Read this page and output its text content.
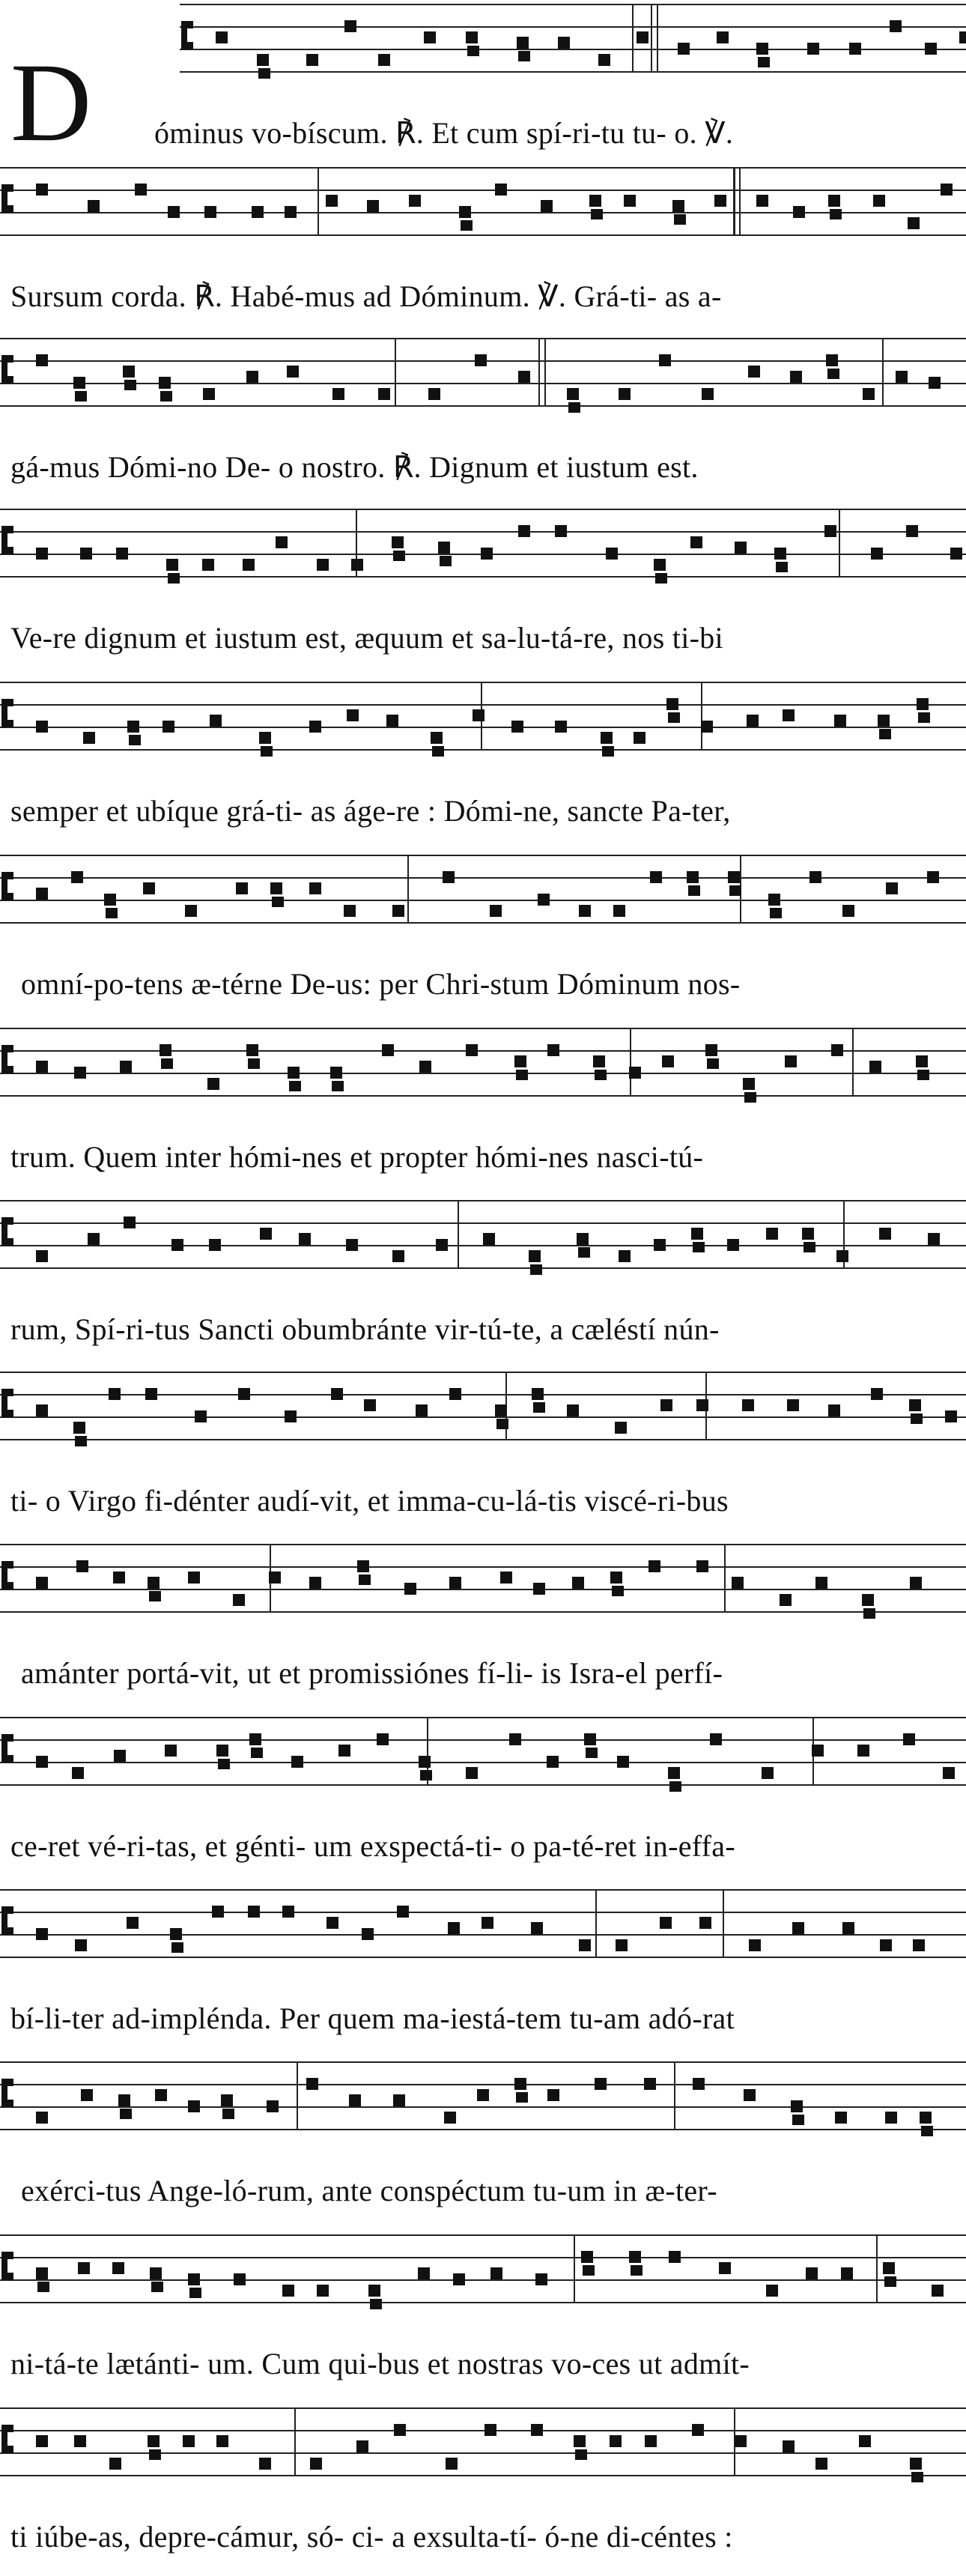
D	óminus vo-bíscum. ℟. Et cum spí-ri-tu tu- o. ℣.
Sursum corda. ℟. Habé-mus ad Dóminum. ℣. Grá-ti- as a-
gá-mus Dómi-no De- o nostro. ℟. Dignum et iustum est.
Ve-re dignum et iustum est, æquum et sa-lu-tá-re, nos ti-bi
semper et ubíque grá-ti- as áge-re : Dómi-ne, sancte Pa-ter,
omní-po-tens æ-térne De-us: per Chri-stum Dóminum nos-
trum. Quem inter hómi-nes et propter hómi-nes nasci-tú-
rum, Spí-ri-tus Sancti obumbránte vir-tú-te, a cæléstí nún-
ti- o Virgo fi-dénter audí-vit, et imma-cu-lá-tis viscé-ri-bus
amánter portá-vit, ut et promissiónes fí-li- is Isra-el perfí-
ce-ret vé-ri-tas, et génti- um exspectá-ti- o pa-té-ret in-effa-
bí-li-ter ad-impléndа. Per quem ma-iestá-tem tu-am adó-rat
exérci-tus Ange-ló-rum, ante conspéctum tu-um in æ-ter-
ni-tá-te lætánti- um. Cum qui-bus et nostras vo-ces ut admít-
ti iúbe-as, depre-cámur, só- ci- a exsulta-tí- ó-ne di-céntes :
